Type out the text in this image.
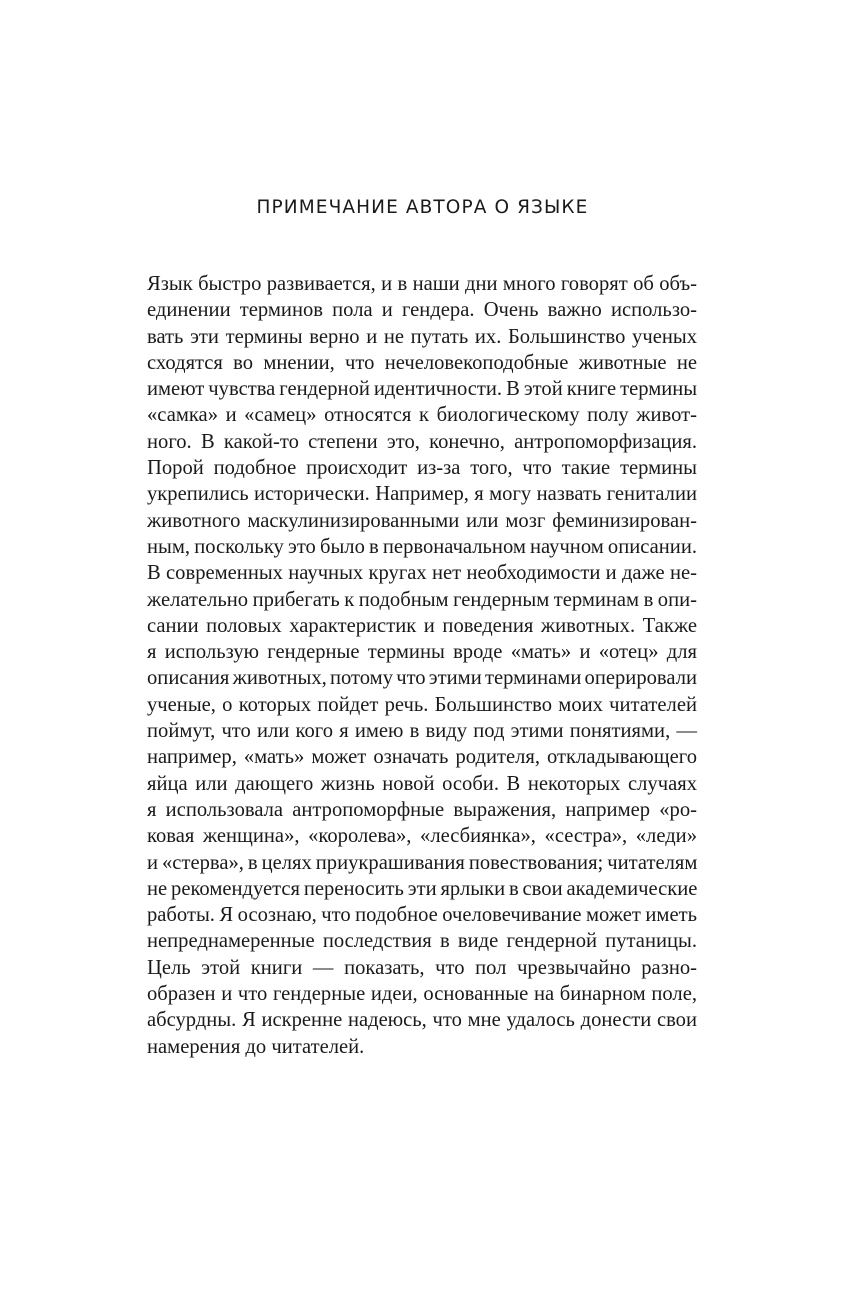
ПРИМЕЧАНИЕ АВТОРА О ЯЗЫКЕ
Язык быстро развивается, и в наши дни много говорят об объ-
единении терминов пола и гендера. Очень важно использо-
вать эти термины верно и не путать их. Большинство ученых
сходятся во мнении, что нечеловекоподобные животные не
имеют чувства гендерной идентичности. В этой книге термины
«самка» и «самец» относятся к биологическому полу живот-
ного. В какой-то степени это, конечно, антропоморфизация.
Порой подобное происходит из-за того, что такие термины
укрепились исторически. Например, я могу назвать гениталии
животного маскулинизированными или мозг феминизирован-
ным, поскольку это было в первоначальном научном описании.
В современных научных кругах нет необходимости и даже не-
желательно прибегать к подобным гендерным терминам в опи-
сании половых характеристик и поведения животных. Также
я использую гендерные термины вроде «мать» и «отец» для
описания животных, потому что этими терминами оперировали
ученые, о которых пойдет речь. Большинство моих читателей
поймут, что или кого я имею в виду под этими понятиями, —
например, «мать» может означать родителя, откладывающего
яйца или дающего жизнь новой особи. В некоторых случаях
я использовала антропоморфные выражения, например «ро-
ковая женщина», «королева», «лесбиянка», «сестра», «леди»
и «стерва», в целях приукрашивания повествования; читателям
не рекомендуется переносить эти ярлыки в свои академические
работы. Я осознаю, что подобное очеловечивание может иметь
непреднамеренные последствия в виде гендерной путаницы.
Цель этой книги — показать, что пол чрезвычайно разно-
образен и что гендерные идеи, основанные на бинарном поле,
абсурдны. Я искренне надеюсь, что мне удалось донести свои
намерения до читателей.
